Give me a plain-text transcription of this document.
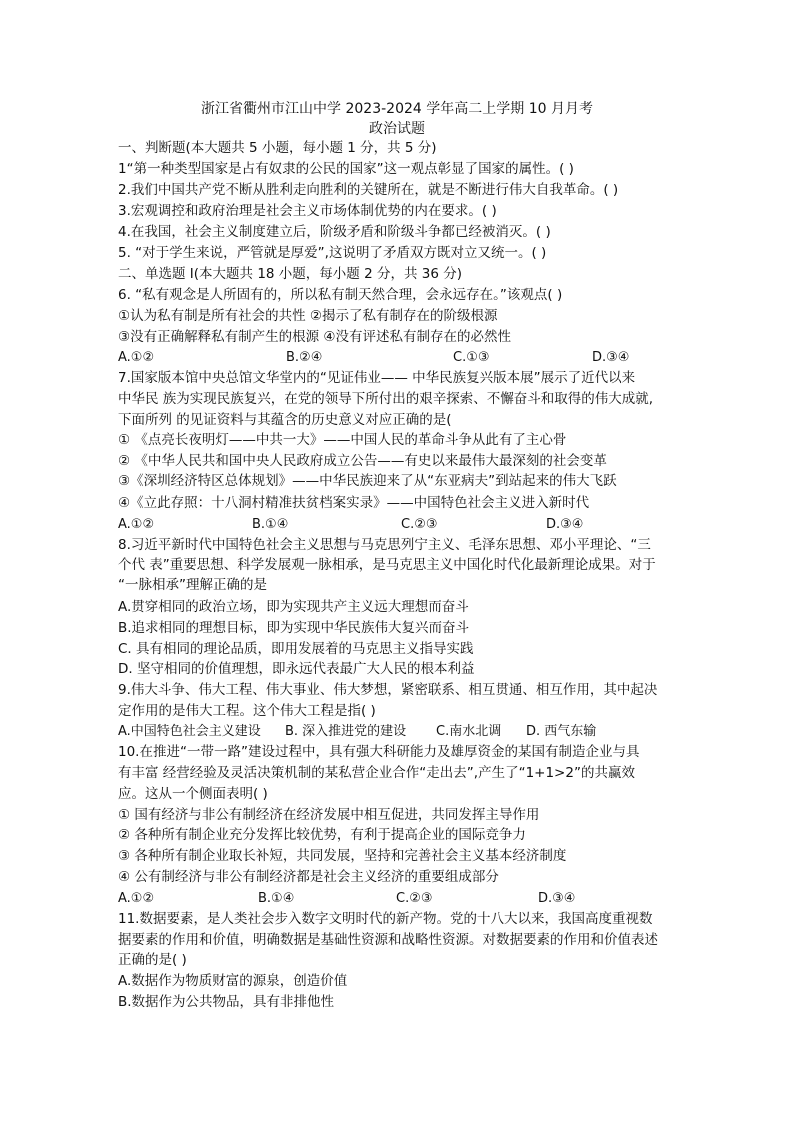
浙江省衢州市江山中学 2023-2024 学年高二上学期 10 月月考
政治试题
一、判断题(本大题共 5 小题，每小题 1 分，共 5 分)
1“第一种类型国家是占有奴隶的公民的国家”这一观点彰显了国家的属性。( )
2.我们中国共产党不断从胜利走向胜利的关键所在，就是不断进行伟大自我革命。( )
3.宏观调控和政府治理是社会主义市场体制优势的内在要求。( )
4.在我国，社会主义制度建立后，阶级矛盾和阶级斗争都已经被消灭。( )
5. “对于学生来说，严管就是厚爱”,这说明了矛盾双方既对立又统一。( )
二、单选题 I(本大题共 18 小题，每小题 2 分，共 36 分)
6. “私有观念是人所固有的，所以私有制天然合理，会永远存在。”该观点( )
①认为私有制是所有社会的共性 ②揭示了私有制存在的阶级根源
③没有正确解释私有制产生的根源 ④没有评述私有制存在的必然性
A.①②	B.②④	C.①③	D.③④
7.国家版本馆中央总馆文华堂内的“见证伟业—— 中华民族复兴版本展”展示了近代以来
中华民 族为实现民族复兴，在党的领导下所付出的艰辛探索、不懈奋斗和取得的伟大成就,
下面所列 的见证资料与其蕴含的历史意义对应正确的是(
① 《点亮长夜明灯——中共一大》——中国人民的革命斗争从此有了主心骨
② 《中华人民共和国中央人民政府成立公告——有史以来最伟大最深刻的社会变革
③《深圳经济特区总体规划》——中华民族迎来了从“东亚病夫”到站起来的伟大飞跃
④《立此存照：十八洞村精准扶贫档案实录》——中国特色社会主义进入新时代
A.①②	B.①④	C.②③	D.③④
8.习近平新时代中国特色社会主义思想与马克思列宁主义、毛泽东思想、邓小平理论、“三
个代 表”重要思想、科学发展观一脉相承，是马克思主义中国化时代化最新理论成果。对于
“一脉相承”理解正确的是
A.贯穿相同的政治立场，即为实现共产主义远大理想而奋斗
B.追求相同的理想目标，即为实现中华民族伟大复兴而奋斗
C. 具有相同的理论品质，即用发展着的马克思主义指导实践
D. 坚守相同的价值理想，即永远代表最广大人民的根本利益
9.伟大斗争、伟大工程、伟大事业、伟大梦想，紧密联系、相互贯通、相互作用，其中起决
定作用的是伟大工程。这个伟大工程是指( )
A.中国特色社会主义建设 B. 深入推进党的建设 C.南水北调 D. 西气东输
10.在推进“一带一路”建设过程中，具有强大科研能力及雄厚资金的某国有制造企业与具
有丰富 经营经验及灵活决策机制的某私营企业合作“走出去”,产生了“1+1>2”的共赢效
应。这从一个侧面表明( )
① 国有经济与非公有制经济在经济发展中相互促进，共同发挥主导作用
② 各种所有制企业充分发挥比较优势，有利于提高企业的国际竞争力
③ 各种所有制企业取长补短，共同发展，坚持和完善社会主义基本经济制度
④ 公有制经济与非公有制经济都是社会主义经济的重要组成部分
A.①②	B.①④	C.②③	D.③④
11.数据要素，是人类社会步入数字文明时代的新产物。党的十八大以来，我国高度重视数
据要素的作用和价值，明确数据是基础性资源和战略性资源。对数据要素的作用和价值表述
正确的是( )
A.数据作为物质财富的源泉，创造价值
B.数据作为公共物品，具有非排他性
